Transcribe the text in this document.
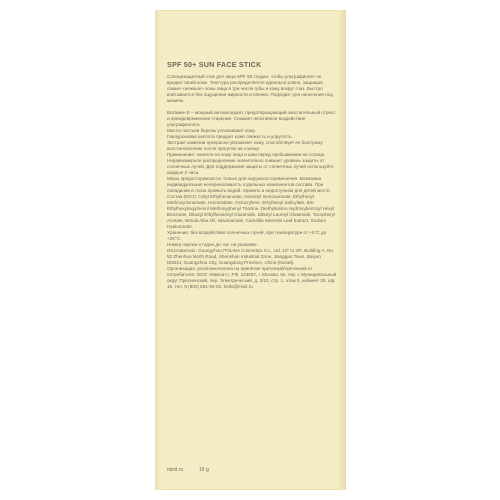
SPF 50+ SUN FACE STICK
Солнцезащитный стик для лица SPF 50 создан, чтобы ультрафиолет не вредил твоей коже. Текстура распределяется идеально ровно, защищая самые «нежные» зоны лица в три числе губы и кожу вокруг глаз. Быстро впитывается без ощущения жирности и пленки. Подходит для нанесения под макияж.
Витамин Е – мощный антиоксидант, предотвращающий окислительный стресс и преждевременное старение. Снижает негативное воздействие ультрафиолета.
Масло листьев березы успокаивает кожу.
Гиалуроновая кислота придает коже свежесть и упругость.
Экстракт камелии прекрасно увлажняет кожу, способствует ее быстрому восстановлению после прогулок на солнце.
Применение: нанести на кожу лица и шеи перед пребыванием на солнце. Неравномерное распределение значительно снижает уровень защиты от солнечных лучей. Для поддержания защиты от солнечных лучей используйте каждые 2 часа.
Меры предосторожности: только для наружного применения. Возможна индивидуальная непереносимость отдельных компонентов состава. При попадании в глаза промыть водой. Хранить в недоступном для детей месте.
Состав (INCI): Cetyl Ethylhexanoate, Isononyl Isononanoate, Ethylhexyl Methoxycinnamate, Homosalate, Octocrylene, Ethylhexyl Salicylate, Bis-Ethylhexyloxyphenol Methoxyphenyl Triazine, Diethylamino Hydroxybenzoyl Hexyl Benzoate, Dibutyl Ethylhexanoyl Glutamide, Dibutyl Lauroyl Glutamide, Tocopheryl Acetate, Betula Alba Oil, Niacinamide, Camellia Sinensis Leaf Extract, Sodium Hyaluronate.
Хранение: без воздействия солнечных лучей, при температуре от +5°С до +25°С.
Номер партии и годен до: см. на упаковке.
Изготовитель: Guangzhou POLINA Cosmetics Co., Ltd. 1/F to 3/F, Building A, No 52 Zhenhua North Road, Shenshan Industrial Zone, Jianggao Town, Baiyun District, Guangzhou City, Guangdong Province, China (Китай).
Организация, уполномоченная на принятие претензий/претензий от потребителя: ООО «Миксит», РФ, 123557, г. Москва, вн. тер. г. Муниципальный округ Пресненский, пер. Электрический, д. 3/10, стр. 1, этаж 5, кабинет 29, оф. 16, тел. 8 (800) 551-94-02, hello@mixit.ru
mixit.ru	15 g
